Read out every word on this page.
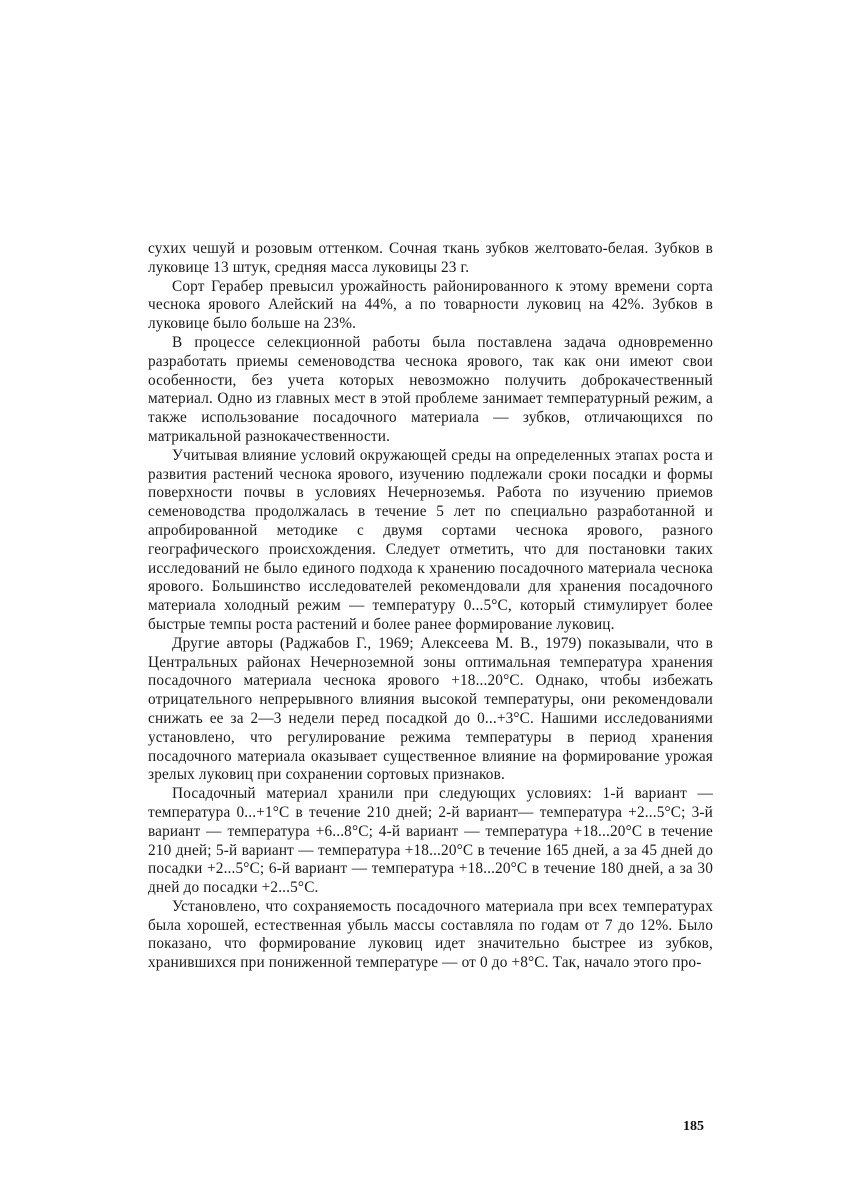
сухих чешуй и розовым оттенком. Сочная ткань зубков желтовато-белая. Зубков в луковице 13 штук, средняя масса луковицы 23 г.

Сорт Герабер превысил урожайность районированного к этому времени сорта чеснока ярового Алейский на 44%, а по товарности луковиц на 42%. Зубков в луковице было больше на 23%.

В процессе селекционной рабoты была поставлена задача одновременно разработать приемы семеноводства чеснока ярового, так как они имеют свои особенности, без учета которых невозможно получить доброкачественный материал. Одно из главных мест в этой проблеме занимает температурный режим, а также использование посадочного материала — зубков, отличающихся по матрикальной разнокачественности.

Учитывая влияние условий окружающей среды на определенных этапах роста и развития растений чеснока ярового, изучению подлежали сроки посадки и формы поверхности почвы в условиях Нечерноземья. Работа по изучению приемов семеноводства продолжалась в течение 5 лет по специально разработанной и апробированной методике с двумя сортами чеснока ярового, разного географического происхождения. Следует отметить, что для постановки таких исследований не было единого подхода к хранению посадочного материала чеснока ярового. Большинство исследователей рекомендовали для хранения посадочного материала холодный режим — температуру 0...5°С, который стимулирует более быстрые темпы роста растений и более ранее формирование луковиц.

Другие авторы (Раджабов Г., 1969; Алексеева М. В., 1979) показывали, что в Центральных районах Нечерноземной зоны оптимальная температура хранения посадочного материала чеснока ярового +18...20°С. Однако, чтобы избежать отрицательного непрерывного влияния высокой температуры, они рекомендовали снижать ее за 2—3 недели перед посадкой до 0...+3°С. Нашими исследованиями установлено, что регулирование режима температуры в период хранения посадочного материала оказывает существенное влияние на формирование урожая зрелых луковиц при сохранении сортовых признаков.

Посадочный материал хранили при следующих условиях: 1-й вариант — температура 0...+1°С в течение 210 дней; 2-й вариант— температура +2...5°С; 3-й вариант — температура +6...8°С; 4-й вариант — температура +18...20°С в течение 210 дней; 5-й вариант — температура +18...20°С в течение 165 дней, а за 45 дней до посадки +2...5°С; 6-й вариант — температура +18...20°С в течение 180 дней, а за 30 дней до посадки +2...5°С.

Установлено, что сохраняемость посадочного материала при всех температурах была хорошей, естественная убыль массы составляла по годам от 7 до 12%. Было показано, что формирование луковиц идет значительно быстрее из зубков, хранившихся при пониженной температуре — от 0 до +8°С. Так, начало этого про-

185
